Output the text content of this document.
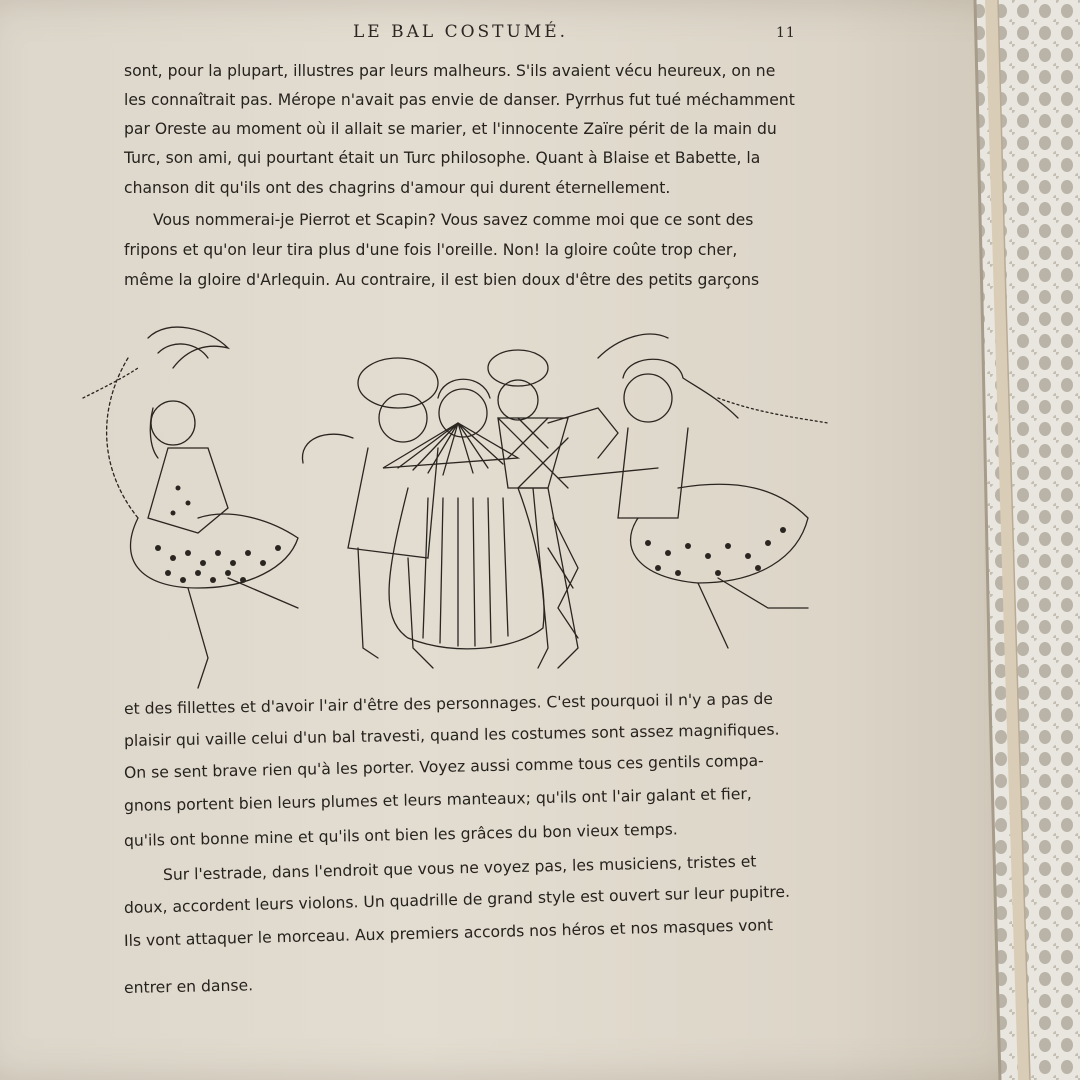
LE BAL COSTUMÉ.	11
sont, pour la plupart, illustres par leurs malheurs. S'ils avaient vécu heureux, on ne
les connaîtrait pas. Mérope n'avait pas envie de danser. Pyrrhus fut tué méchamment
par Oreste au moment où il allait se marier, et l'innocente Zaïre périt de la main du
Turc, son ami, qui pourtant était un Turc philosophe. Quant à Blaise et Babette, la
chanson dit qu'ils ont des chagrins d'amour qui durent éternellement.
Vous nommerai-je Pierrot et Scapin? Vous savez comme moi que ce sont des
fripons et qu'on leur tira plus d'une fois l'oreille. Non! la gloire coûte trop cher,
même la gloire d'Arlequin. Au contraire, il est bien doux d'être des petits garçons
et des fillettes et d'avoir l'air d'être des personnages. C'est pourquoi il n'y a pas de
plaisir qui vaille celui d'un bal travesti, quand les costumes sont assez magnifiques.
On se sent brave rien qu'à les porter. Voyez aussi comme tous ces gentils compa-
gnons portent bien leurs plumes et leurs manteaux; qu'ils ont l'air galant et fier,
qu'ils ont bonne mine et qu'ils ont bien les grâces du bon vieux temps.
Sur l'estrade, dans l'endroit que vous ne voyez pas, les musiciens, tristes et
doux, accordent leurs violons. Un quadrille de grand style est ouvert sur leur pupitre.
Ils vont attaquer le morceau. Aux premiers accords nos héros et nos masques vont
entrer en danse.
